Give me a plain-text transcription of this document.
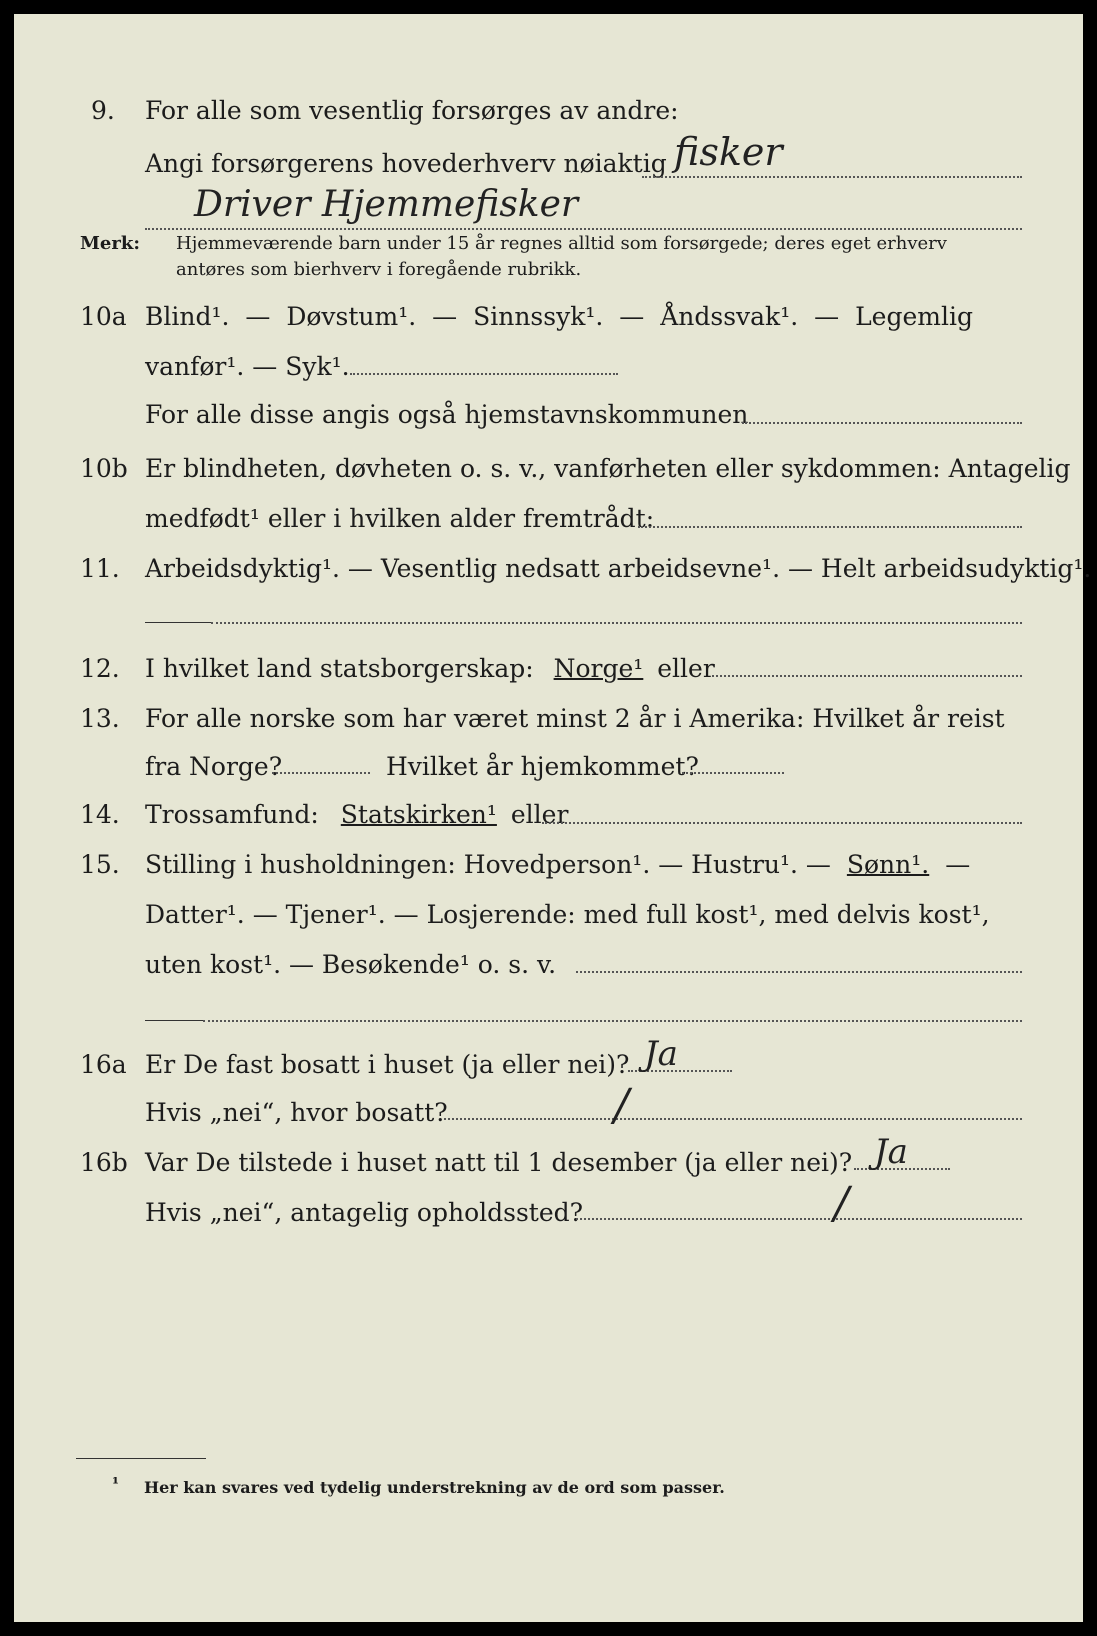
9. For alle som vesentlig forsørges av andre:
Angi forsørgerens hovederhverv nøiaktig fisker
Driver Hjemmefisker
Merk: Hjemmeværende barn under 15 år regnes alltid som forsørgede; deres eget erhverv
antøres som bierhverv i foregående rubrikk.
10a Blind¹. — Døvstum¹. — Sinnssyk¹. — Åndssvak¹. — Legemlig
vanfør¹. — Syk¹.
For alle disse angis også hjemstavnskommunen
10b Er blindheten, døvheten o. s. v., vanførheten eller sykdommen: Antagelig
medfødt¹ eller i hvilken alder fremtrådt:
11. Arbeidsdyktig¹. — Vesentlig nedsatt arbeidsevne¹. — Helt arbeidsudyktig¹.
12. I hvilket land statsborgerskap: Norge¹ eller
13. For alle norske som har været minst 2 år i Amerika: Hvilket år reist
fra Norge?	Hvilket år hjemkommet?
14. Trossamfund: Statskirken¹ eller
15. Stilling i husholdningen: Hovedperson¹. — Hustru¹. — Sønn¹. —
Datter¹. — Tjener¹. — Losjerende: med full kost¹, med delvis kost¹,
uten kost¹. — Besøkende¹ o. s. v.
16a Er De fast bosatt i huset (ja eller nei)? Ja
Hvis „nei“, hvor bosatt?	/
16b Var De tilstede i huset natt til 1 desember (ja eller nei)? Ja
Hvis „nei“, antagelig opholdssted?	/
¹ Her kan svares ved tydelig understrekning av de ord som passer.
